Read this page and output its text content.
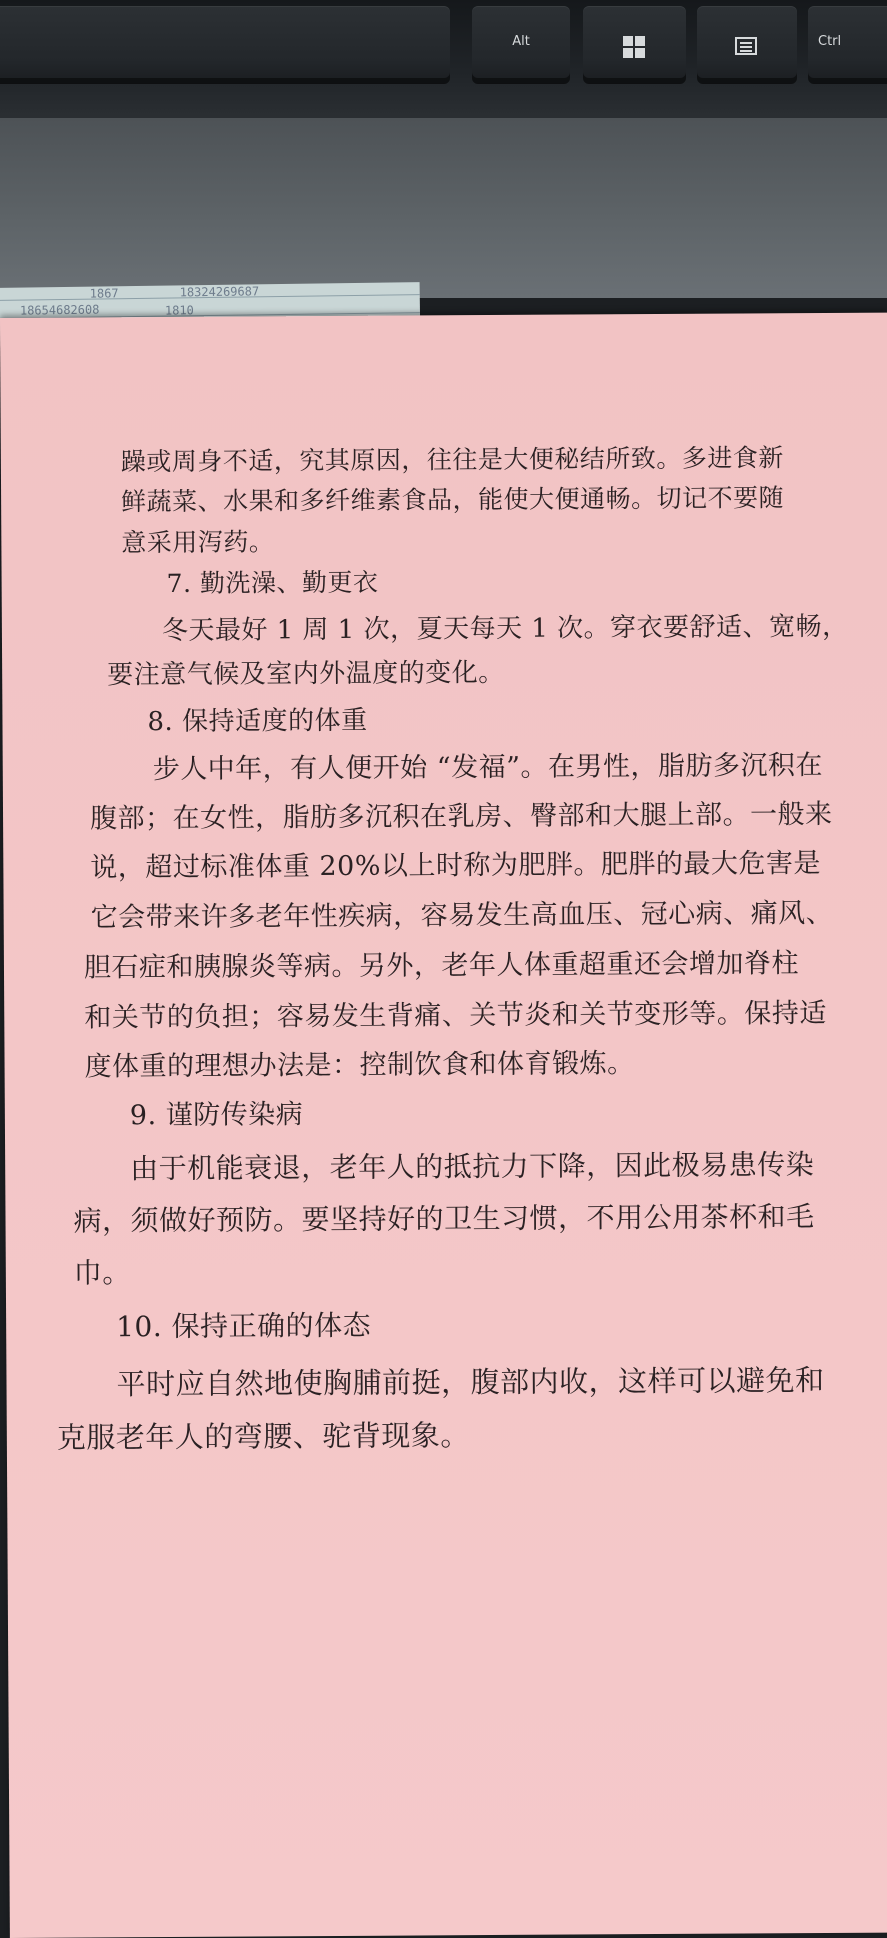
Alt	Ctrl
1867	18324269687
18654682608	1810
躁或周身不适，究其原因，往往是大便秘结所致。多进食新
鲜蔬菜、水果和多纤维素食品，能使大便通畅。切记不要随
意采用泻药。
7. 勤洗澡、勤更衣
冬天最好 1 周 1 次，夏天每天 1 次。穿衣要舒适、宽畅，
要注意气候及室内外温度的变化。
8. 保持适度的体重
步人中年，有人便开始 “发福”。在男性，脂肪多沉积在
腹部；在女性，脂肪多沉积在乳房、臀部和大腿上部。一般来
说，超过标准体重 20%以上时称为肥胖。肥胖的最大危害是
它会带来许多老年性疾病，容易发生高血压、冠心病、痛风、
胆石症和胰腺炎等病。另外，老年人体重超重还会增加脊柱
和关节的负担；容易发生背痛、关节炎和关节变形等。保持适
度体重的理想办法是：控制饮食和体育锻炼。
9. 谨防传染病
由于机能衰退，老年人的抵抗力下降，因此极易患传染
病，须做好预防。要坚持好的卫生习惯，不用公用茶杯和毛
巾。
10. 保持正确的体态
平时应自然地使胸脯前挺，腹部内收，这样可以避免和
克服老年人的弯腰、驼背现象。
